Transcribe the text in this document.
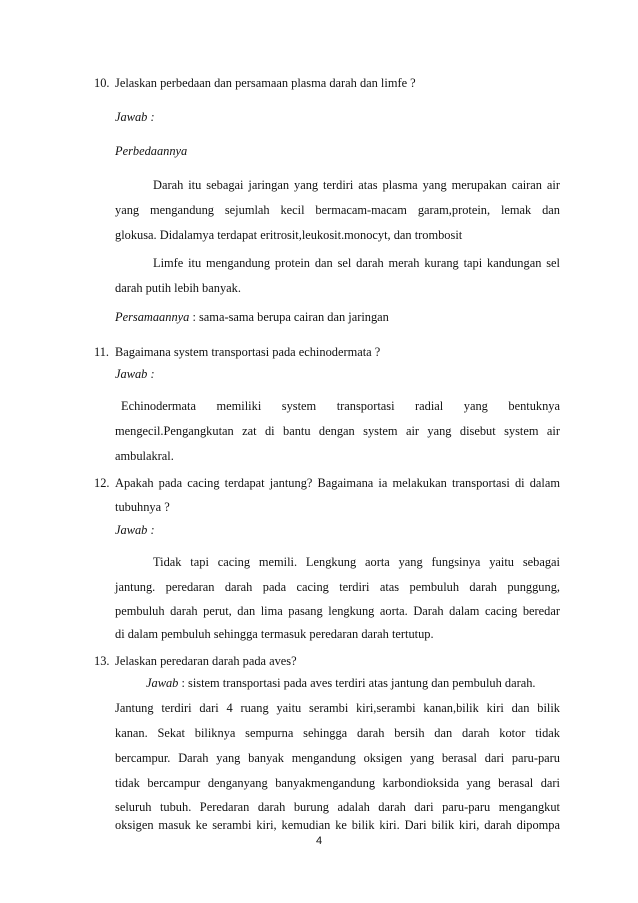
10. Jelaskan perbedaan dan persamaan plasma darah dan limfe ?
Jawab :
Perbedaannya
Darah itu sebagai jaringan yang terdiri atas plasma yang merupakan cairan air
yang mengandung sejumlah kecil bermacam-macam garam,protein, lemak dan
glokusa. Didalamya terdapat eritrosit,leukosit.monocyt, dan trombosit
Limfe itu mengandung protein dan sel darah merah kurang tapi kandungan sel
darah putih lebih banyak.
Persamaannya : sama-sama berupa cairan dan jaringan
11. Bagaimana system transportasi pada echinodermata ?
Jawab :
Echinodermata memiliki system transportasi radial yang bentuknya
mengecil.Pengangkutan zat di bantu dengan system air yang disebut system air
ambulakral.
12. Apakah pada cacing terdapat jantung? Bagaimana ia melakukan transportasi di dalam
tubuhnya ?
Jawab :
Tidak tapi cacing memili. Lengkung aorta yang fungsinya yaitu sebagai
jantung. peredaran darah pada cacing terdiri atas pembuluh darah punggung,
pembuluh darah perut, dan lima pasang lengkung aorta. Darah dalam cacing beredar
di dalam pembuluh sehingga termasuk peredaran darah tertutup.
13. Jelaskan peredaran darah pada aves?
Jawab : sistem transportasi pada aves terdiri atas jantung dan pembuluh darah.
Jantung terdiri dari 4 ruang yaitu serambi kiri,serambi kanan,bilik kiri dan bilik
kanan. Sekat biliknya sempurna sehingga darah bersih dan darah kotor tidak
bercampur. Darah yang banyak mengandung oksigen yang berasal dari paru-paru
tidak bercampur denganyang banyakmengandung karbondioksida yang berasal dari
seluruh tubuh. Peredaran darah burung adalah darah dari paru-paru mengangkut
oksigen masuk ke serambi kiri, kemudian ke bilik kiri. Dari bilik kiri, darah dipompa
4
